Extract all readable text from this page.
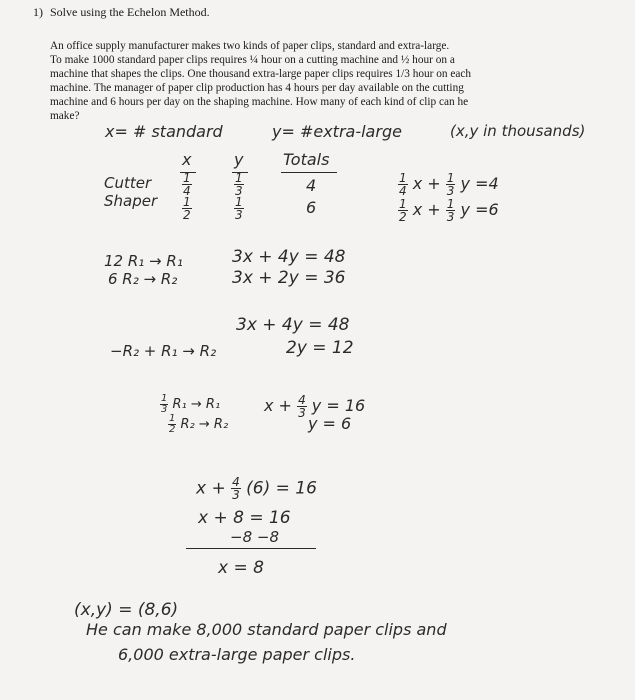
1) Solve using the Echelon Method.
An office supply manufacturer makes two kinds of paper clips, standard and extra-large.
To make 1000 standard paper clips requires ¼ hour on a cutting machine and ½ hour on a
machine that shapes the clips. One thousand extra-large paper clips requires 1/3 hour on each
machine. The manager of paper clip production has 4 hours per day available on the cutting
machine and 6 hours per day on the shaping machine. How many of each kind of clip can he
make?
x= # standard	y= #extra-large	(x,y in thousands)
x	y Totals
Cutter	$\frac{1}{4}$	$\frac{1}{3}$	4
Shaper $\frac{1}{2}$	$\frac{1}{3}$	6
$\frac{1}{4}$ $x + \frac{1}{3}$ y =4
$\frac{1}{2}$ $x + \frac{1}{3}$ y =6
12 R₁ → R₁
6 R₂ → R₂
3x + 4y = 48
3x + 2y = 36
3x + 4y = 48
−R₂ + R₁ → R₂	2y = 12
$\frac{1}{3} R_1 \to R_1$
$\frac{1}{2} R_2 \to R_2$
$x + \frac{4}{3}$ y = 16
y = 6
$x + \frac{4}{3} (6) = 16$
x + 8 = 16
−8 −8
x = 8
(x,y) = (8,6)
He can make 8,000 standard paper clips and
6,000 extra-large paper clips.
